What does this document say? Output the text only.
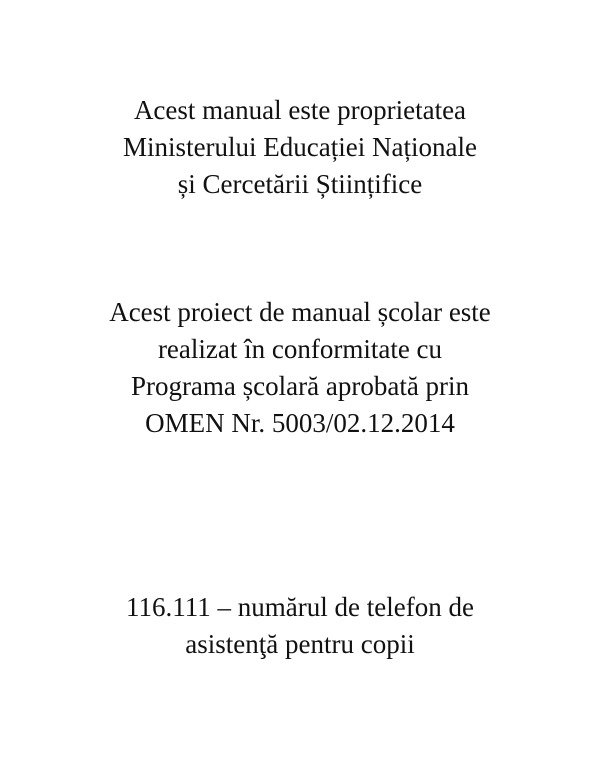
Acest manual este proprietatea
Ministerului Educației Naționale
și Cercetării Științifice
Acest proiect de manual școlar este
realizat în conformitate cu
Programa școlară aprobată prin
OMEN Nr. 5003/02.12.2014
116.111 – numărul de telefon de
asistenţă pentru copii
